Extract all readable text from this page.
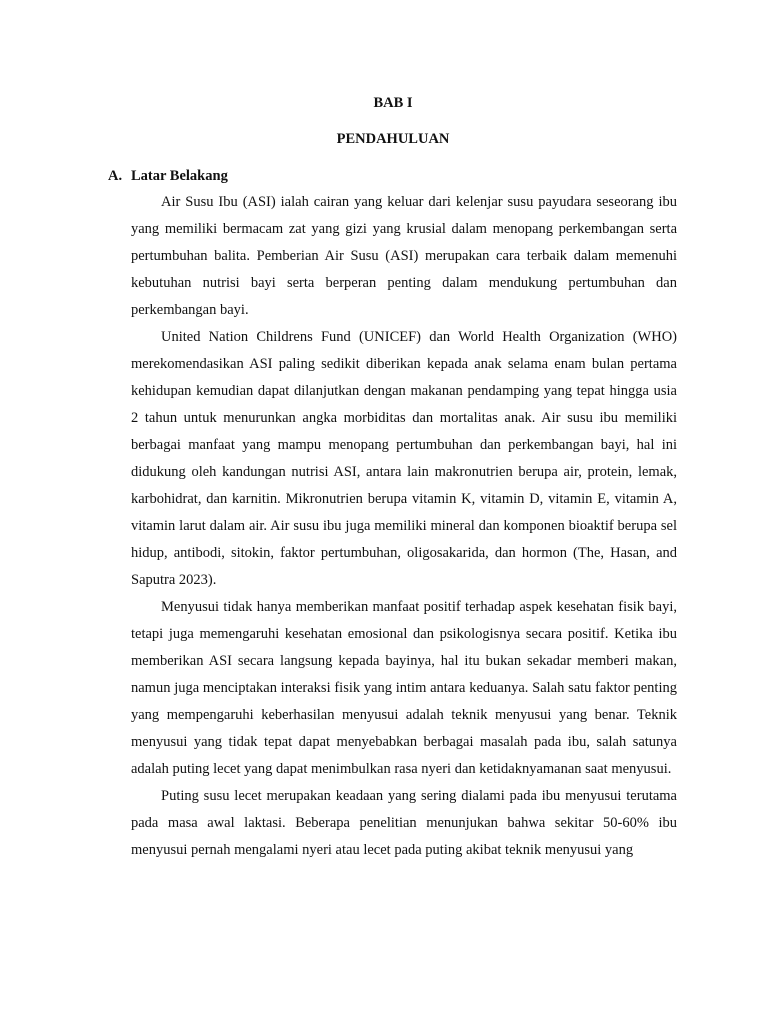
BAB I
PENDAHULUAN
A. Latar Belakang

Air Susu Ibu (ASI) ialah cairan yang keluar dari kelenjar susu payudara seseorang ibu yang memiliki bermacam zat yang gizi yang krusial dalam menopang perkembangan serta pertumbuhan balita. Pemberian Air Susu (ASI) merupakan cara terbaik dalam memenuhi kebutuhan nutrisi bayi serta berperan penting dalam mendukung pertumbuhan dan perkembangan bayi.

United Nation Childrens Fund (UNICEF) dan World Health Organization (WHO) merekomendasikan ASI paling sedikit diberikan kepada anak selama enam bulan pertama kehidupan kemudian dapat dilanjutkan dengan makanan pendamping yang tepat hingga usia 2 tahun untuk menurunkan angka morbiditas dan mortalitas anak. Air susu ibu memiliki berbagai manfaat yang mampu menopang pertumbuhan dan perkembangan bayi, hal ini didukung oleh kandungan nutrisi ASI, antara lain makronutrien berupa air, protein, lemak, karbohidrat, dan karnitin. Mikronutrien berupa vitamin K, vitamin D, vitamin E, vitamin A, vitamin larut dalam air. Air susu ibu juga memiliki mineral dan komponen bioaktif berupa sel hidup, antibodi, sitokin, faktor pertumbuhan, oligosakarida, dan hormon (The, Hasan, and Saputra 2023).

Menyusui tidak hanya memberikan manfaat positif terhadap aspek kesehatan fisik bayi, tetapi juga memengaruhi kesehatan emosional dan psikologisnya secara positif. Ketika ibu memberikan ASI secara langsung kepada bayinya, hal itu bukan sekadar memberi makan, namun juga menciptakan interaksi fisik yang intim antara keduanya. Salah satu faktor penting yang mempengaruhi keberhasilan menyusui adalah teknik menyusui yang benar. Teknik menyusui yang tidak tepat dapat menyebabkan berbagai masalah pada ibu, salah satunya adalah puting lecet yang dapat menimbulkan rasa nyeri dan ketidaknyamanan saat menyusui.

Puting susu lecet merupakan keadaan yang sering dialami pada ibu menyusui terutama pada masa awal laktasi. Beberapa penelitian menunjukan bahwa sekitar 50-60% ibu menyusui pernah mengalami nyeri atau lecet pada puting akibat teknik menyusui yang
